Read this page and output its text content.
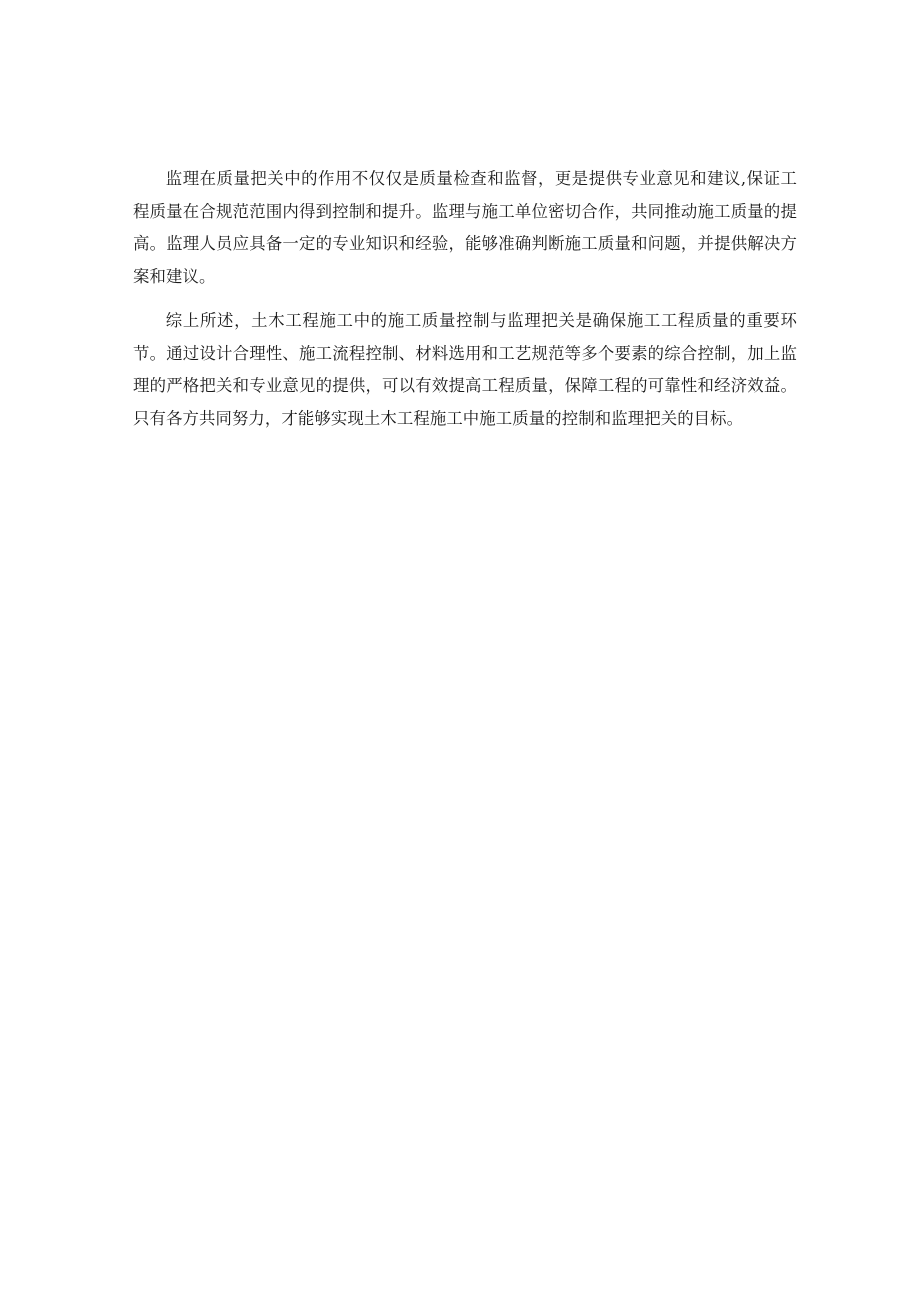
监理在质量把关中的作用不仅仅是质量检查和监督，更是提供专业意见和建议,保证工程质量在合规范范围内得到控制和提升。监理与施工单位密切合作，共同推动施工质量的提高。监理人员应具备一定的专业知识和经验，能够准确判断施工质量和问题，并提供解决方案和建议。

综上所述，土木工程施工中的施工质量控制与监理把关是确保施工工程质量的重要环节。通过设计合理性、施工流程控制、材料选用和工艺规范等多个要素的综合控制，加上监理的严格把关和专业意见的提供，可以有效提高工程质量，保障工程的可靠性和经济效益。只有各方共同努力，才能够实现土木工程施工中施工质量的控制和监理把关的目标。
